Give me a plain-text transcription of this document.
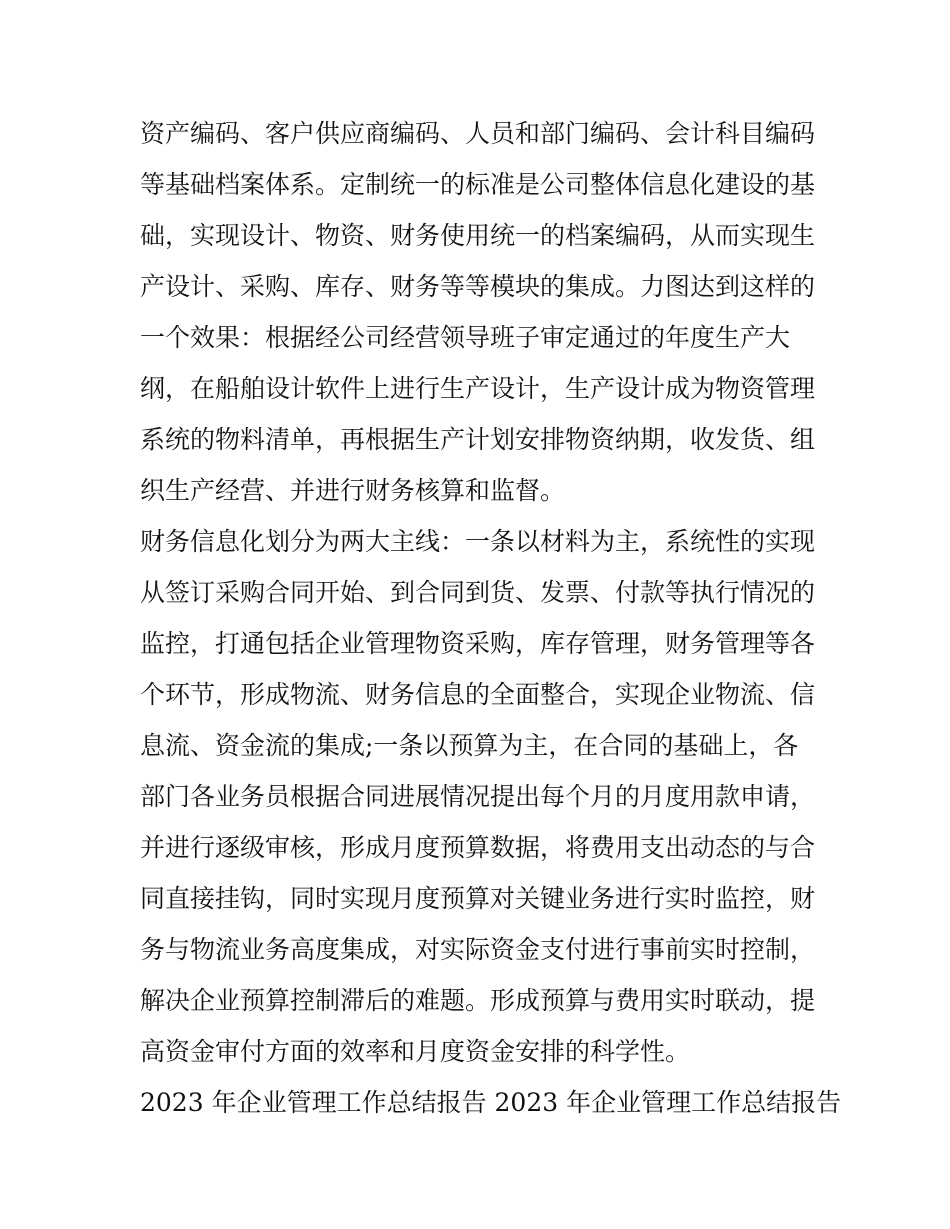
资产编码、客户供应商编码、人员和部门编码、会计科目编码

等基础档案体系。定制统一的标准是公司整体信息化建设的基

础，实现设计、物资、财务使用统一的档案编码，从而实现生

产设计、采购、库存、财务等等模块的集成。力图达到这样的

一个效果：根据经公司经营领导班子审定通过的年度生产大

纲，在船舶设计软件上进行生产设计，生产设计成为物资管理

系统的物料清单，再根据生产计划安排物资纳期，收发货、组

织生产经营、并进行财务核算和监督。

财务信息化划分为两大主线：一条以材料为主，系统性的实现

从签订采购合同开始、到合同到货、发票、付款等执行情况的

监控，打通包括企业管理物资采购，库存管理，财务管理等各

个环节，形成物流、财务信息的全面整合，实现企业物流、信

息流、资金流的集成;一条以预算为主，在合同的基础上，各

部门各业务员根据合同进展情况提出每个月的月度用款申请，

并进行逐级审核，形成月度预算数据，将费用支出动态的与合

同直接挂钩，同时实现月度预算对关键业务进行实时监控，财

务与物流业务高度集成，对实际资金支付进行事前实时控制，

解决企业预算控制滞后的难题。形成预算与费用实时联动，提

高资金审付方面的效率和月度资金安排的科学性。

2023 年企业管理工作总结报告 2023 年企业管理工作总结报告
